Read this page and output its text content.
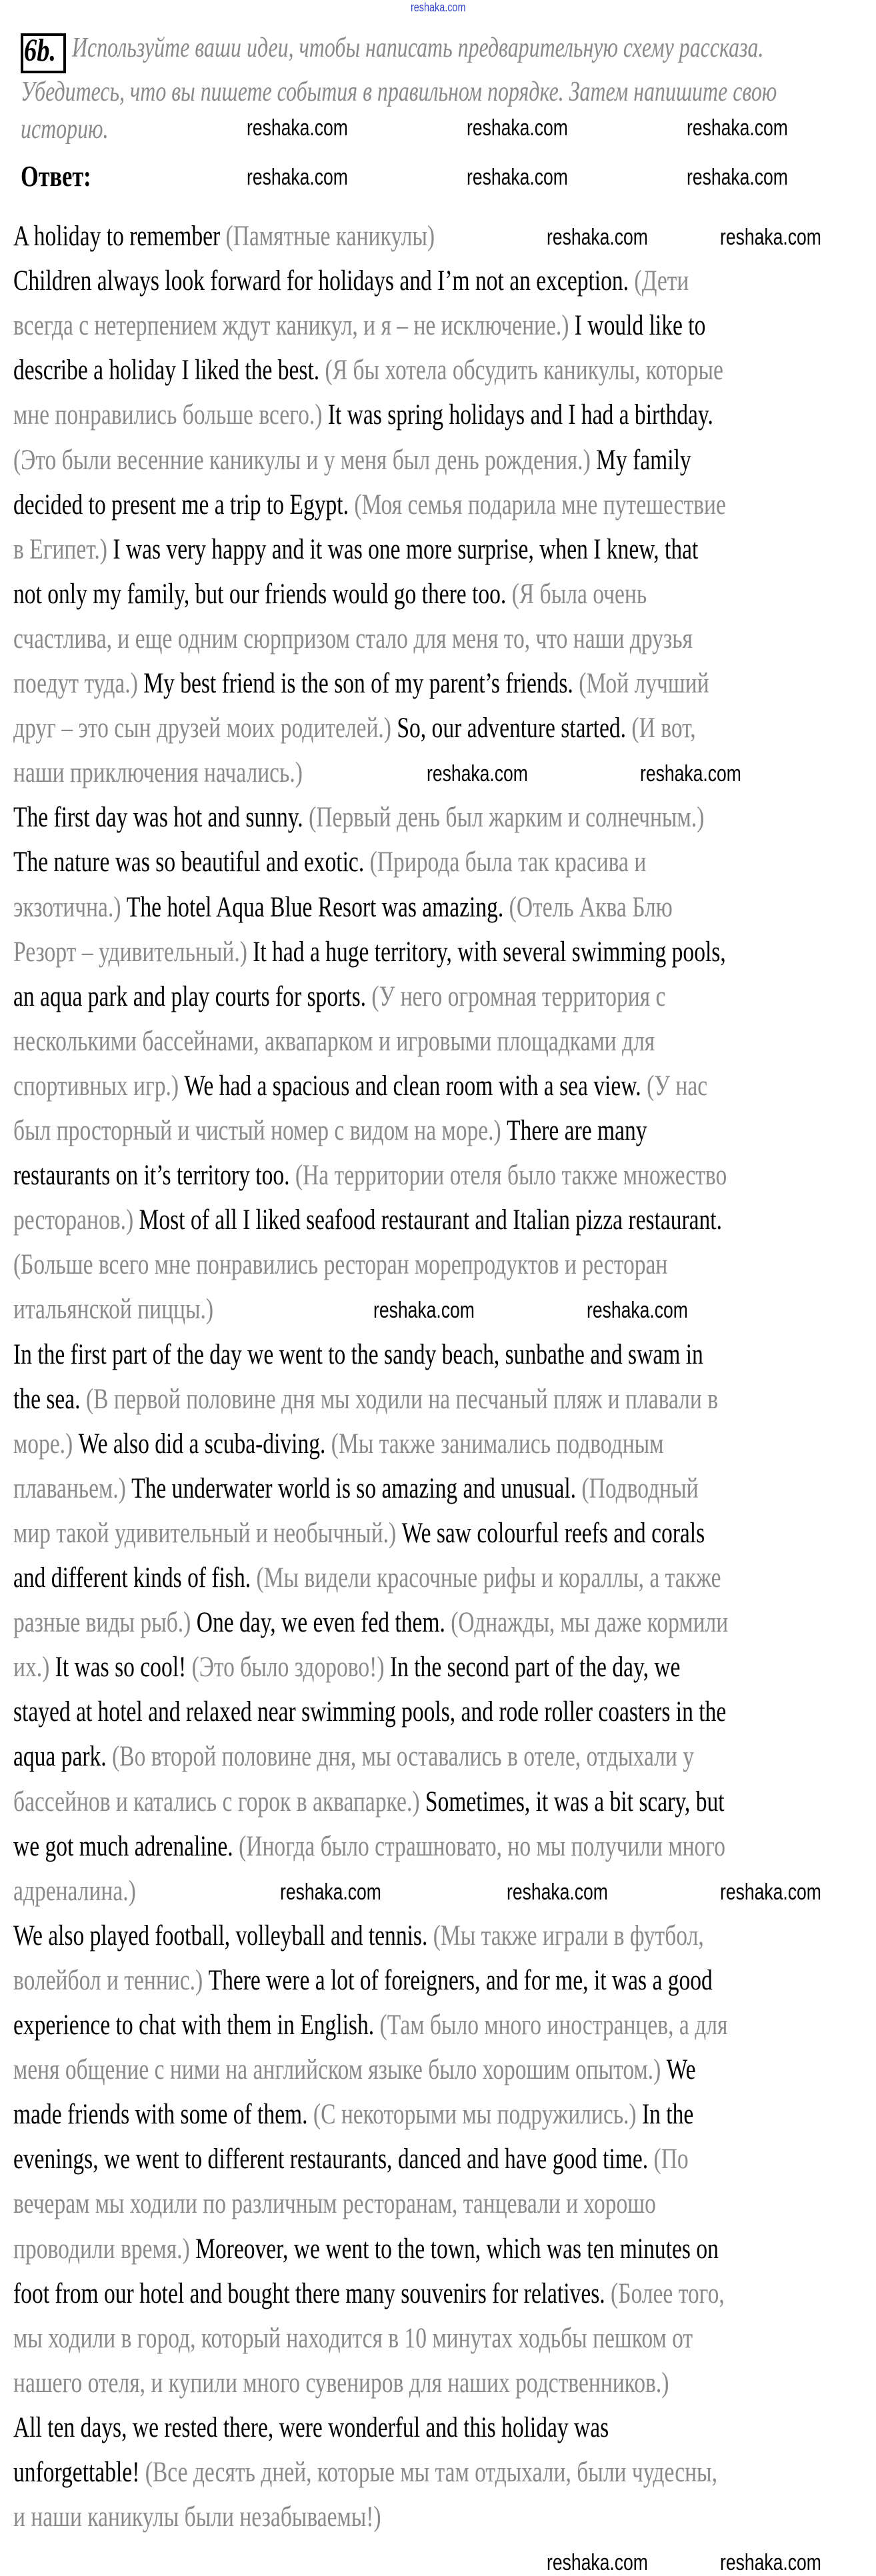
reshaka.com
6b. Используйте ваши идеи, чтобы написать предварительную схему рассказа.
Убедитесь, что вы пишете события в правильном порядке. Затем напишите свою
историю.
Ответ:
A holiday to remember (Памятные каникулы)
Children always look forward for holidays and I’m not an exception. (Дети
всегда с нетерпением ждут каникул, и я – не исключение.) I would like to
describe a holiday I liked the best. (Я бы хотела обсудить каникулы, которые
мне понравились больше всего.) It was spring holidays and I had a birthday.
(Это были весенние каникулы и у меня был день рождения.) My family
decided to present me a trip to Egypt. (Моя семья подарила мне путешествие
в Египет.) I was very happy and it was one more surprise, when I knew, that
not only my family, but our friends would go there too. (Я была очень
счастлива, и еще одним сюрпризом стало для меня то, что наши друзья
поедут туда.) My best friend is the son of my parent’s friends. (Мой лучший
друг – это сын друзей моих родителей.) So, our adventure started. (И вот,
наши приключения начались.)
The first day was hot and sunny. (Первый день был жарким и солнечным.)
The nature was so beautiful and exotic. (Природа была так красива и
экзотична.) The hotel Aqua Blue Resort was amazing. (Отель Аква Блю
Резорт – удивительный.) It had a huge territory, with several swimming pools,
an aqua park and play courts for sports. (У него огромная территория с
несколькими бассейнами, аквапарком и игровыми площадками для
спортивных игр.) We had a spacious and clean room with a sea view. (У нас
был просторный и чистый номер с видом на море.) There are many
restaurants on it’s territory too. (На территории отеля было также множество
ресторанов.) Most of all I liked seafood restaurant and Italian pizza restaurant.
(Больше всего мне понравились ресторан морепродуктов и ресторан
итальянской пиццы.)
In the first part of the day we went to the sandy beach, sunbathe and swam in
the sea. (В первой половине дня мы ходили на песчаный пляж и плавали в
море.) We also did a scuba-diving. (Мы также занимались подводным
плаваньем.) The underwater world is so amazing and unusual. (Подводный
мир такой удивительный и необычный.) We saw colourful reefs and corals
and different kinds of fish. (Мы видели красочные рифы и кораллы, а также
разные виды рыб.) One day, we even fed them. (Однажды, мы даже кормили
их.) It was so cool! (Это было здорово!) In the second part of the day, we
stayed at hotel and relaxed near swimming pools, and rode roller coasters in the
aqua park. (Во второй половине дня, мы оставались в отеле, отдыхали у
бассейнов и катались с горок в аквапарке.) Sometimes, it was a bit scary, but
we got much adrenaline. (Иногда было страшновато, но мы получили много
адреналина.)
We also played football, volleyball and tennis. (Мы также играли в футбол,
волейбол и теннис.) There were a lot of foreigners, and for me, it was a good
experience to chat with them in English. (Там было много иностранцев, а для
меня общение с ними на английском языке было хорошим опытом.) We
made friends with some of them. (С некоторыми мы подружились.) In the
evenings, we went to different restaurants, danced and have good time. (По
вечерам мы ходили по различным ресторанам, танцевали и хорошо
проводили время.) Moreover, we went to the town, which was ten minutes on
foot from our hotel and bought there many souvenirs for relatives. (Более того,
мы ходили в город, который находится в 10 минутах ходьбы пешком от
нашего отеля, и купили много сувениров для наших родственников.)
All ten days, we rested there, were wonderful and this holiday was
unforgettable! (Все десять дней, которые мы там отдыхали, были чудесны,
и наши каникулы были незабываемы!)
reshaka.com	reshaka.com	reshaka.com
reshaka.com	reshaka.com	reshaka.com
reshaka.com	reshaka.com
reshaka.com	reshaka.com
reshaka.com	reshaka.com
reshaka.com	reshaka.com	reshaka.com
reshaka.com	reshaka.com
